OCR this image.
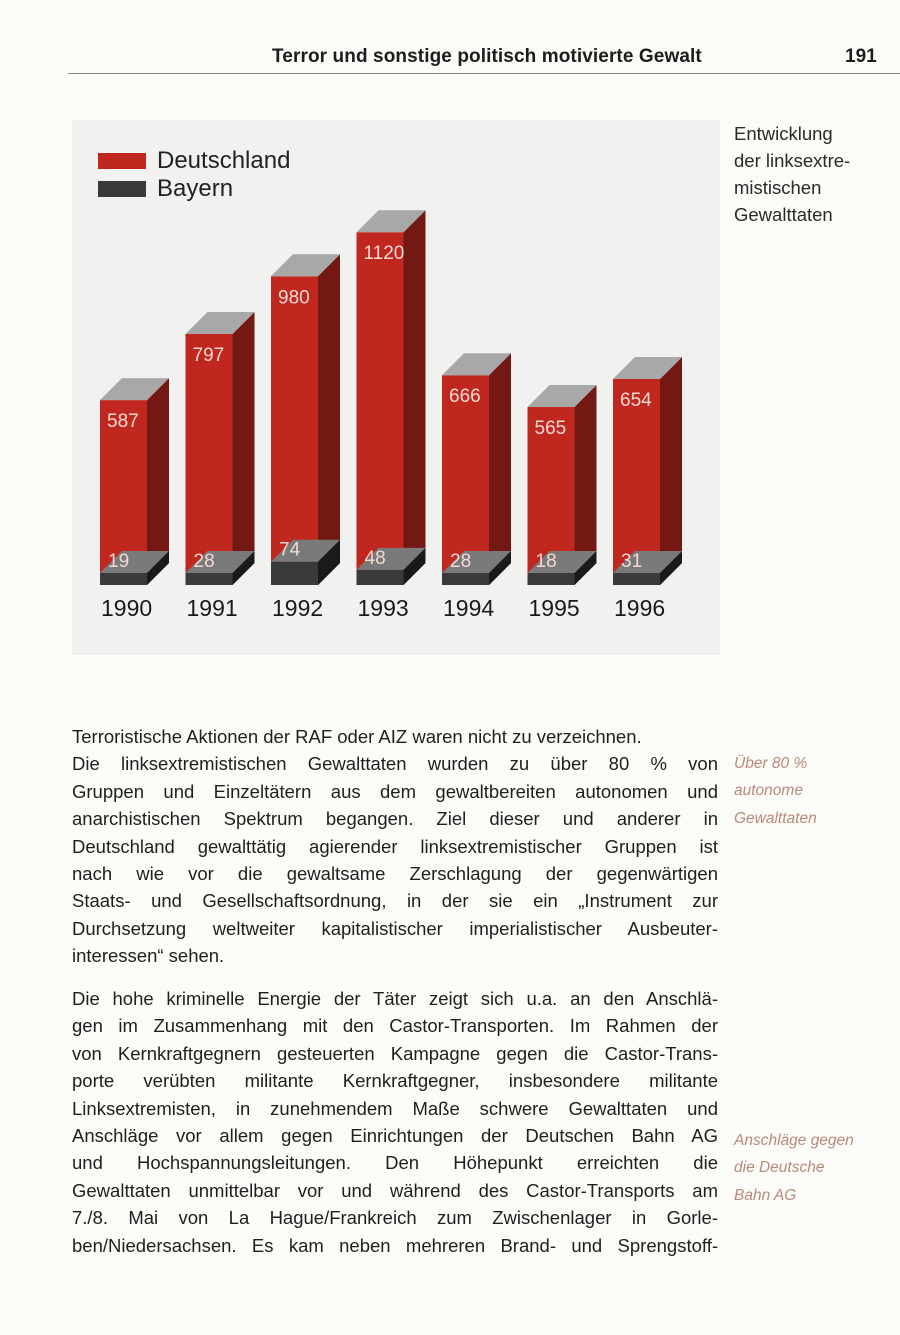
Terror und sonstige politisch motivierte Gewalt	191
Deutschland
Bayern
587
19
1990
797
28
1991
980
74
1992
1120
48
1993
666
28
1994
565
18
1995
654
31
1996
Entwicklung
der linksextre-
mistischen
Gewalttaten
Terroristische Aktionen der RAF oder AIZ waren nicht zu verzeichnen.
Die linksextremistischen Gewalttaten wurden zu über 80 % von
Gruppen und Einzeltätern aus dem gewaltbereiten autonomen und
anarchistischen Spektrum begangen. Ziel dieser und anderer in
Deutschland gewalttätig agierender linksextremistischer Gruppen ist
nach wie vor die gewaltsame Zerschlagung der gegenwärtigen
Staats- und Gesellschaftsordnung, in der sie ein „Instrument zur
Durchsetzung weltweiter kapitalistischer imperialistischer Ausbeuter-
interessen“ sehen.
Über 80 %
autonome
Gewalttaten
Die hohe kriminelle Energie der Täter zeigt sich u.a. an den Anschlä-
gen im Zusammenhang mit den Castor-Transporten. Im Rahmen der
von Kernkraftgegnern gesteuerten Kampagne gegen die Castor-Trans-
porte verübten militante Kernkraftgegner, insbesondere militante
Linksextremisten, in zunehmendem Maße schwere Gewalttaten und
Anschläge vor allem gegen Einrichtungen der Deutschen Bahn AG
und Hochspannungsleitungen. Den Höhepunkt erreichten die
Gewalttaten unmittelbar vor und während des Castor-Transports am
7./8. Mai von La Hague/Frankreich zum Zwischenlager in Gorle-
ben/Niedersachsen. Es kam neben mehreren Brand- und Sprengstoff-
Anschläge gegen
die Deutsche
Bahn AG
